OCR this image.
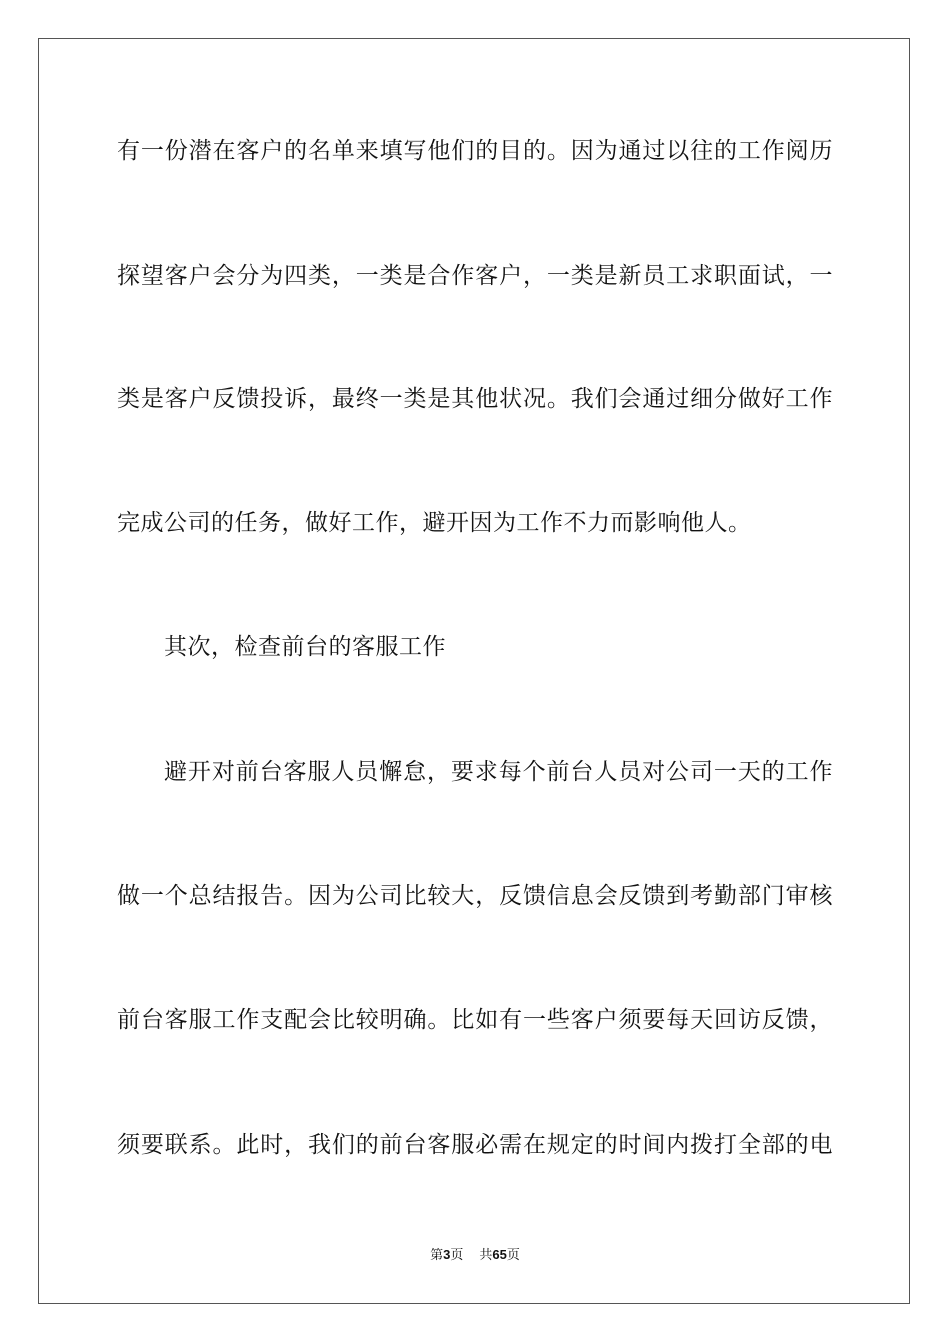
有一份潜在客户的名单来填写他们的目的。因为通过以往的工作阅历
探望客户会分为四类，一类是合作客户，一类是新员工求职面试，一
类是客户反馈投诉，最终一类是其他状况。我们会通过细分做好工作
完成公司的任务，做好工作，避开因为工作不力而影响他人。
其次，检查前台的客服工作
避开对前台客服人员懈怠，要求每个前台人员对公司一天的工作
做一个总结报告。因为公司比较大，反馈信息会反馈到考勤部门审核
前台客服工作支配会比较明确。比如有一些客户须要每天回访反馈，
须要联系。此时，我们的前台客服必需在规定的时间内拨打全部的电
第3页 共65页
